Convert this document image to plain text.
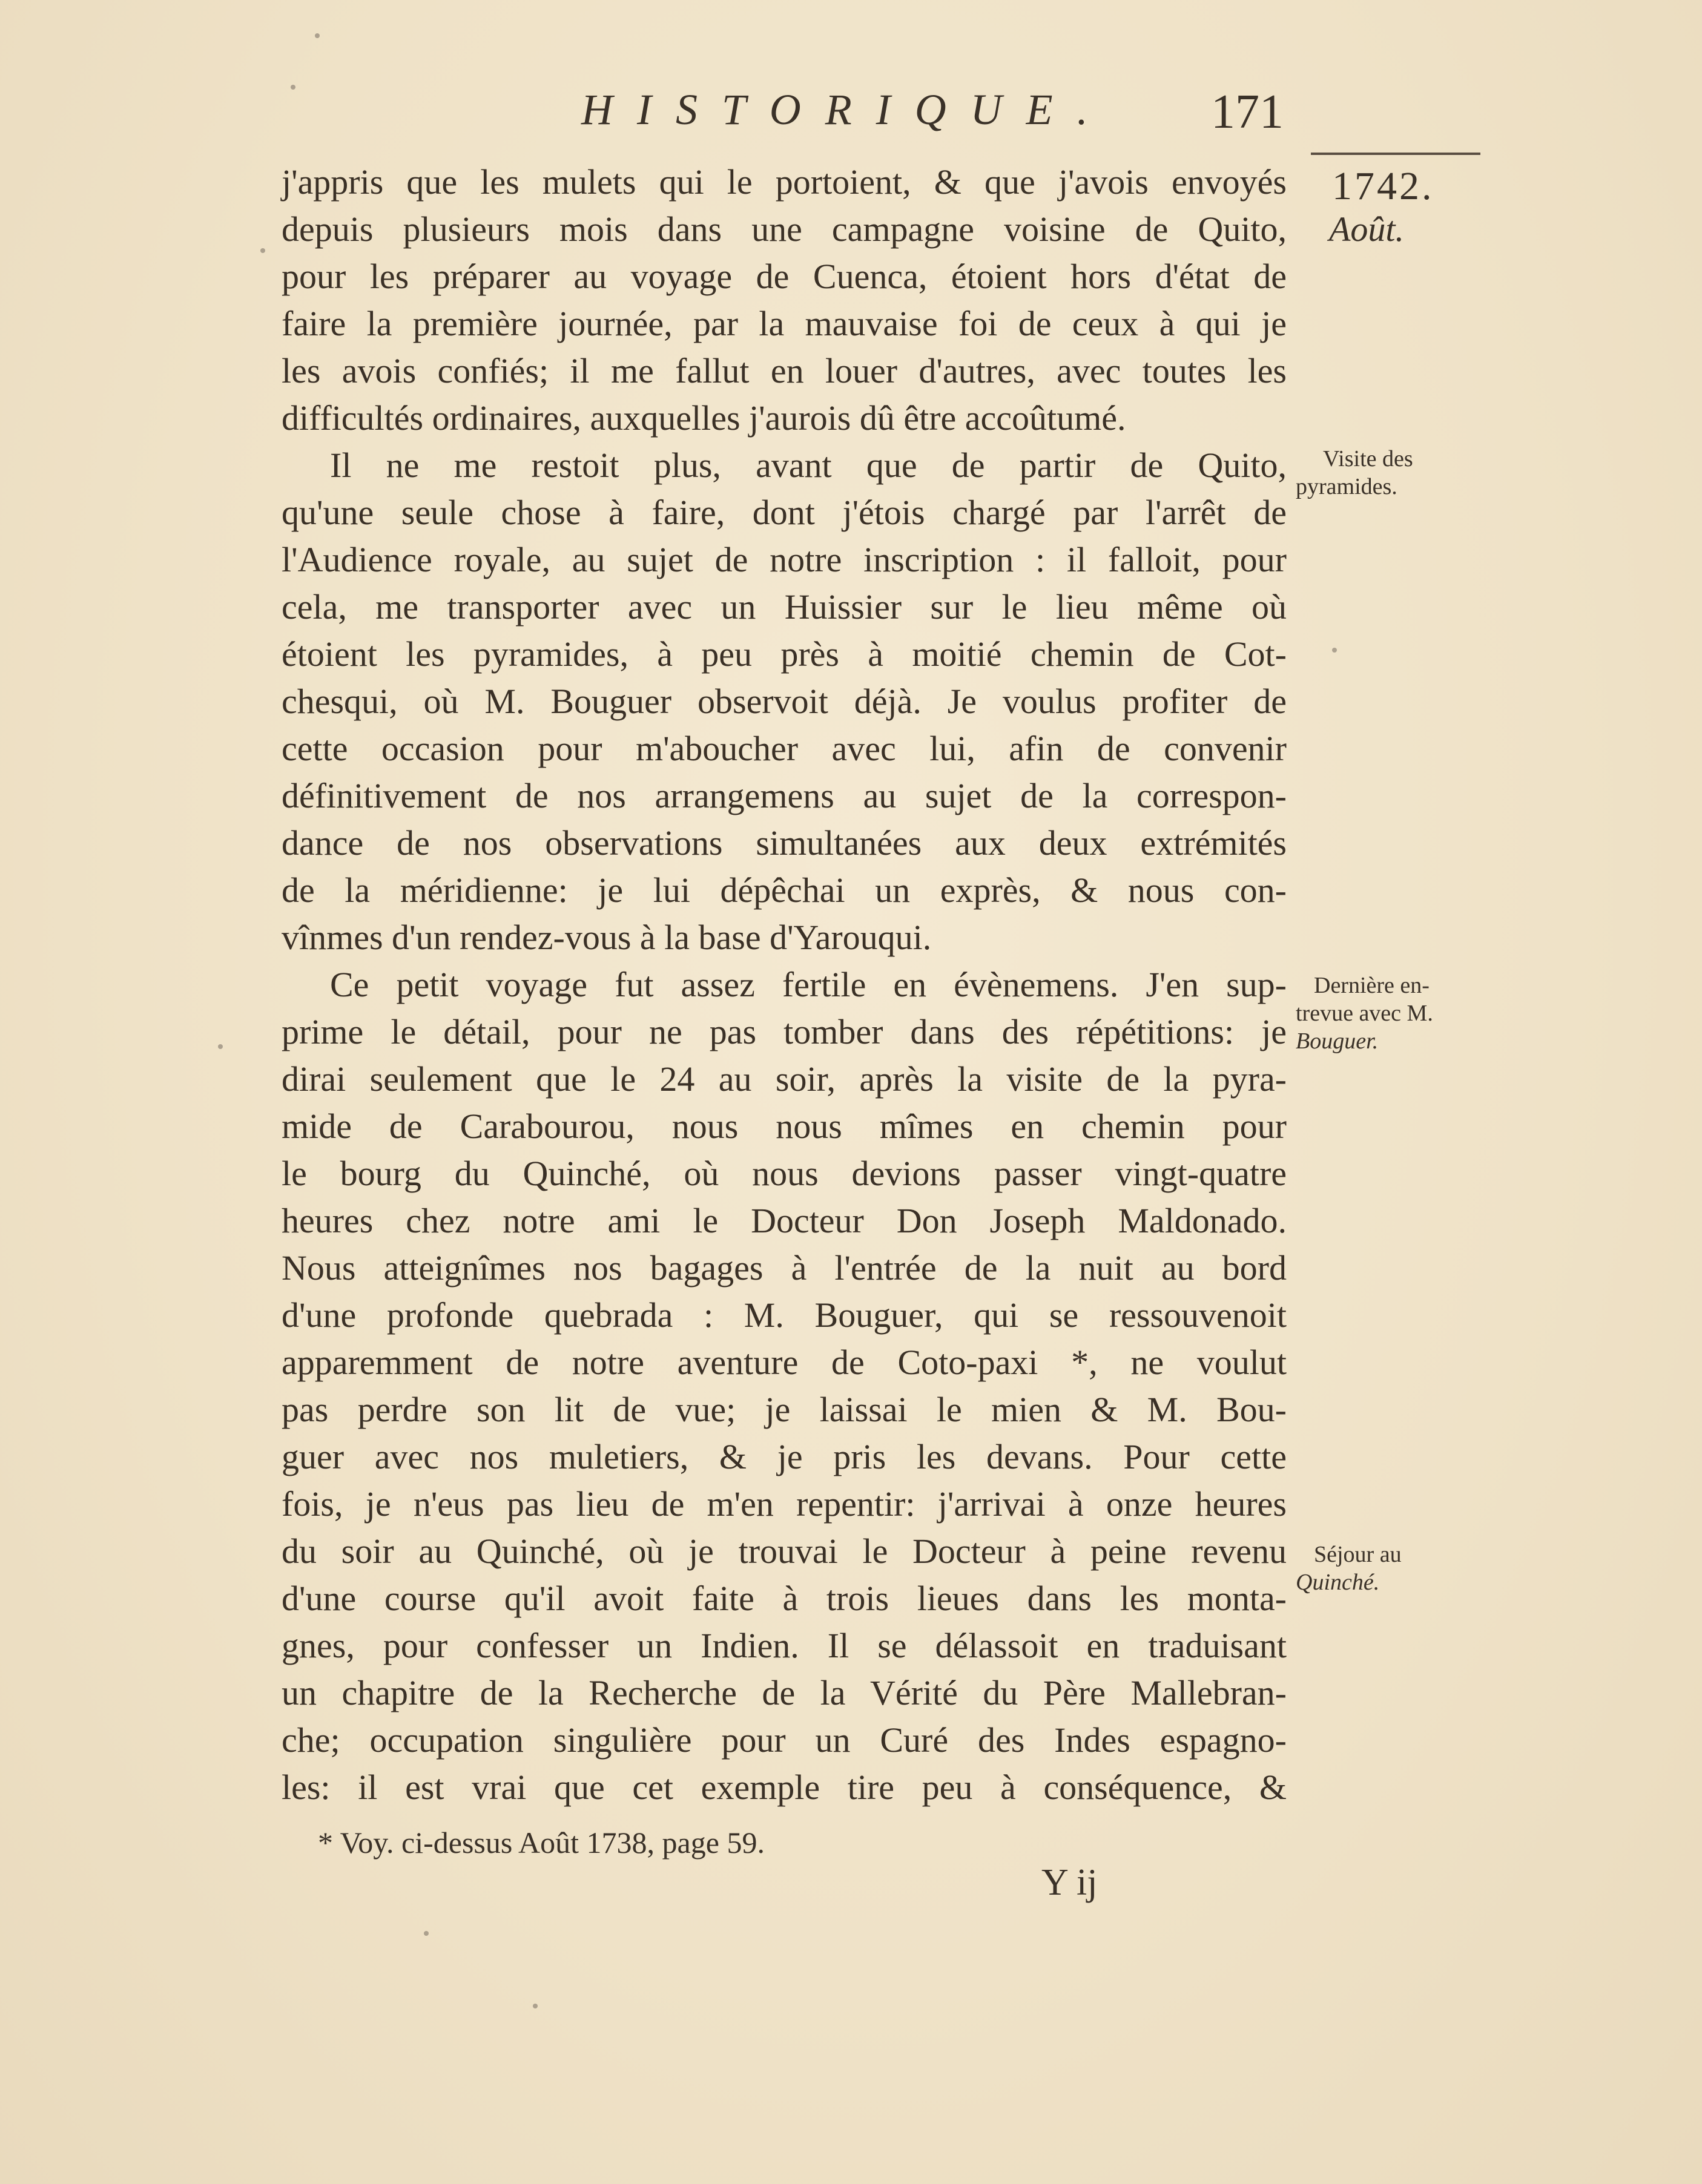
HISTORIQUE. 171
1742.
Août.
j'appris que les mulets qui le portoient, & que j'avois envoyés
depuis plusieurs mois dans une campagne voisine de Quito,
pour les préparer au voyage de Cuenca, étoient hors d'état de
faire la première journée, par la mauvaise foi de ceux à qui je
les avois confiés; il me fallut en louer d'autres, avec toutes les
difficultés ordinaires, auxquelles j'aurois dû être accoûtumé.
Il ne me restoit plus, avant que de partir de Quito,
qu'une seule chose à faire, dont j'étois chargé par l'arrêt de
l'Audience royale, au sujet de notre inscription : il falloit, pour
cela, me transporter avec un Huissier sur le lieu même où
étoient les pyramides, à peu près à moitié chemin de Cot-
chesqui, où M. Bouguer observoit déjà. Je voulus profiter de
cette occasion pour m'aboucher avec lui, afin de convenir
définitivement de nos arrangemens au sujet de la correspon-
dance de nos observations simultanées aux deux extrémités
de la méridienne: je lui dépêchai un exprès, & nous con-
vînmes d'un rendez-vous à la base d'Yarouqui.
Ce petit voyage fut assez fertile en évènemens. J'en sup-
prime le détail, pour ne pas tomber dans des répétitions: je
dirai seulement que le 24 au soir, après la visite de la pyra-
mide de Carabourou, nous nous mîmes en chemin pour
le bourg du Quinché, où nous devions passer vingt-quatre
heures chez notre ami le Docteur Don Joseph Maldonado.
Nous atteignîmes nos bagages à l'entrée de la nuit au bord
d'une profonde quebrada : M. Bouguer, qui se ressouvenoit
apparemment de notre aventure de Coto-paxi *, ne voulut
pas perdre son lit de vue; je laissai le mien & M. Bou-
guer avec nos muletiers, & je pris les devans. Pour cette
fois, je n'eus pas lieu de m'en repentir: j'arrivai à onze heures
du soir au Quinché, où je trouvai le Docteur à peine revenu
d'une course qu'il avoit faite à trois lieues dans les monta-
gnes, pour confesser un Indien. Il se délassoit en traduisant
un chapitre de la Recherche de la Vérité du Père Mallebran-
che; occupation singulière pour un Curé des Indes espagno-
les: il est vrai que cet exemple tire peu à conséquence, &
Visite des
pyramides.
Dernière en-
trevue avec M.
Bouguer.
Séjour au
Quinché.
* Voy. ci-dessus Août 1738, page 59.
Y ij
